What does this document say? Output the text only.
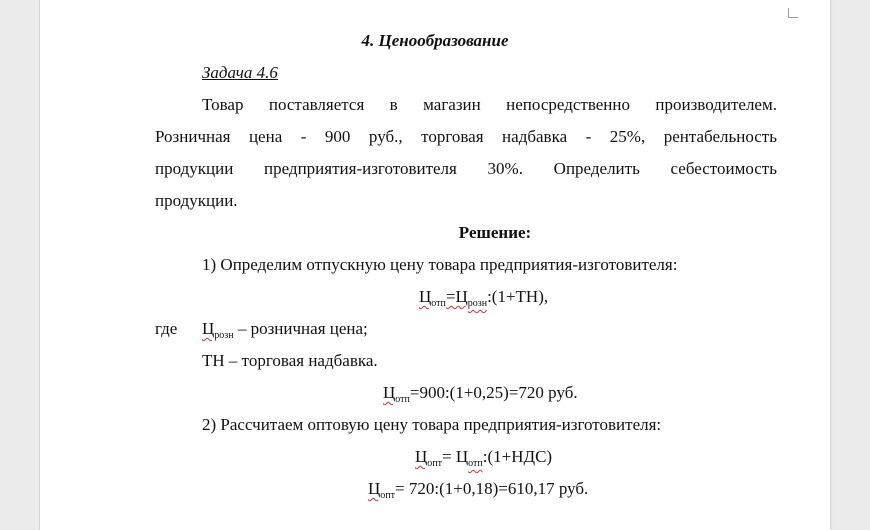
4. Ценообразование
Задача 4.6
Товар поставляется в магазин непосредственно производителем.
Розничная цена - 900 руб., торговая надбавка - 25%, рентабельность
продукции предприятия-изготовителя 30%. Определить себестоимость
продукции.
Решение:
1) Определим отпускную цену товара предприятия-изготовителя:
$Ц_{отп}=Ц_{розн}:(1+ТН)$,
где $Ц_{розн}$ – розничная цена;
ТН – торговая надбавка.
$Ц_{отп}=900:(1+0,25)=720$ руб.
2) Рассчитаем оптовую цену товара предприятия-изготовителя:
$Ц_{опт}=$ $Ц_{отп}:(1+НДС)$
$Ц_{опт}=$ 720:(1+0,18)=610,17 руб.
